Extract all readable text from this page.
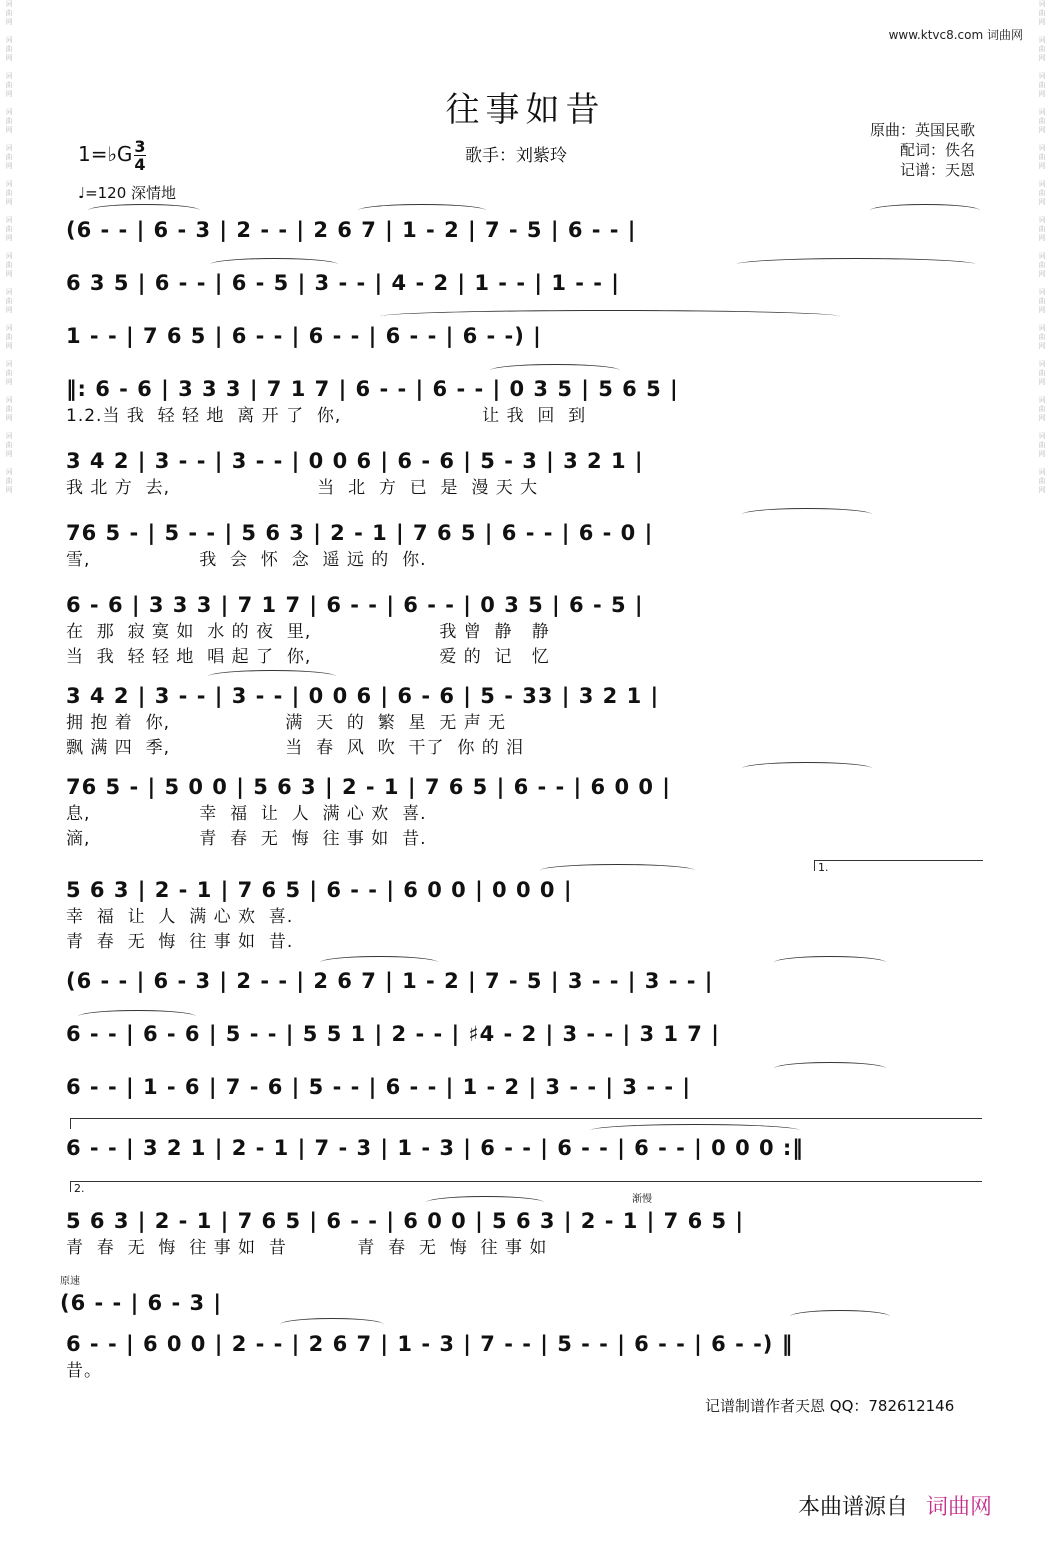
词
曲
网

词
曲
网

词
曲
网

词
曲
网

词
曲
网

词
曲
网

词
曲
网

词
曲
网

词
曲
网

词
曲
网

词
曲
网

词
曲
网

词
曲
网

词
曲
网

词
曲
网

词
曲
网

词
曲
网

词
曲
网

词
曲
网

词
曲
网

词
曲
网

词
曲
网

词
曲
网

词
曲
网

词
曲
网

词
曲
网

词
曲
网

词
曲
网

www.ktvc8.com 词曲网
往事如昔
1=♭G $\frac{3}{4}$
♩=120 深情地
歌手：刘紫玲
原曲：英国民歌
配词：佚名
记谱：天恩
(6 - - | 6 - 3 | 2 - - | 2 6 7 | 1 - 2 | 7 - 5 | 6 - - |
6 3 5 | 6 - - | 6 - 5 | 3 - - | 4 - 2 | 1 - - | 1 - - |
1 - - | 7 6 5 | 6 - - | 6 - - | 6 - - | 6 - -) |
‖: 6 - 6 | 3 3 3 | 7 1 7 | 6 - - | 6 - - | 0 3 5 | 5 6 5 |
1.2.当 我  轻 轻 地  离 开 了  你,                      让 我  回  到
3 4 2 | 3 - - | 3 - - | 0 0 6 | 6 - 6 | 5 - 3 | 3 2 1 |
我 北 方  去,                       当  北  方  已  是  漫 天 大
76 5 - | 5 - - | 5 6 3 | 2 - 1 | 7 6 5 | 6 - - | 6 - 0 |
雪,                 我  会  怀  念  遥 远 的  你.
6 - 6 | 3 3 3 | 7 1 7 | 6 - - | 6 - - | 0 3 5 | 6 - 5 |
在  那  寂 寞 如  水 的 夜  里,                    我 曾  静   静
当  我  轻 轻 地  唱 起 了  你,                    爱 的  记   忆
3 4 2 | 3 - - | 3 - - | 0 0 6 | 6 - 6 | 5 - 33 | 3 2 1 |
拥 抱 着  你,                  满  天  的  繁  星  无 声 无
飘 满 四  季,                  当  春  风  吹  干了  你 的 泪
76 5 - | 5 0 0 | 5 6 3 | 2 - 1 | 7 6 5 | 6 - - | 6 0 0 |
息,                 幸  福  让  人  满 心 欢  喜.
滴,                 青  春  无  悔  往 事 如  昔.
1.
5 6 3 | 2 - 1 | 7 6 5 | 6 - - | 6 0 0 | 0 0 0 |
幸  福  让  人  满 心 欢  喜.
青  春  无  悔  往 事 如  昔.
(6 - - | 6 - 3 | 2 - - | 2 6 7 | 1 - 2 | 7 - 5 | 3 - - | 3 - - |
6 - - | 6 - 6 | 5 - - | 5 5 1 | 2 - - | ♯4 - 2 | 3 - - | 3 1 7 |
6 - - | 1 - 6 | 7 - 6 | 5 - - | 6 - - | 1 - 2 | 3 - - | 3 - - |
6 - - | 3 2 1 | 2 - 1 | 7 - 3 | 1 - 3 | 6 - - | 6 - - | 6 - - | 0 0 0 :‖
2.
渐慢
5 6 3 | 2 - 1 | 7 6 5 | 6 - - | 6 0 0 | 5 6 3 | 2 - 1 | 7 6 5 |
青  春  无  悔  往 事 如  昔           青  春  无  悔  往 事 如
原速
(6 - - | 6 - 3 |
6 - - | 6 0 0 | 2 - - | 2 6 7 | 1 - 3 | 7 - - | 5 - - | 6 - - | 6 - -) ‖
昔。
记谱制谱作者天恩 QQ：782612146
本曲谱源自 词曲网
